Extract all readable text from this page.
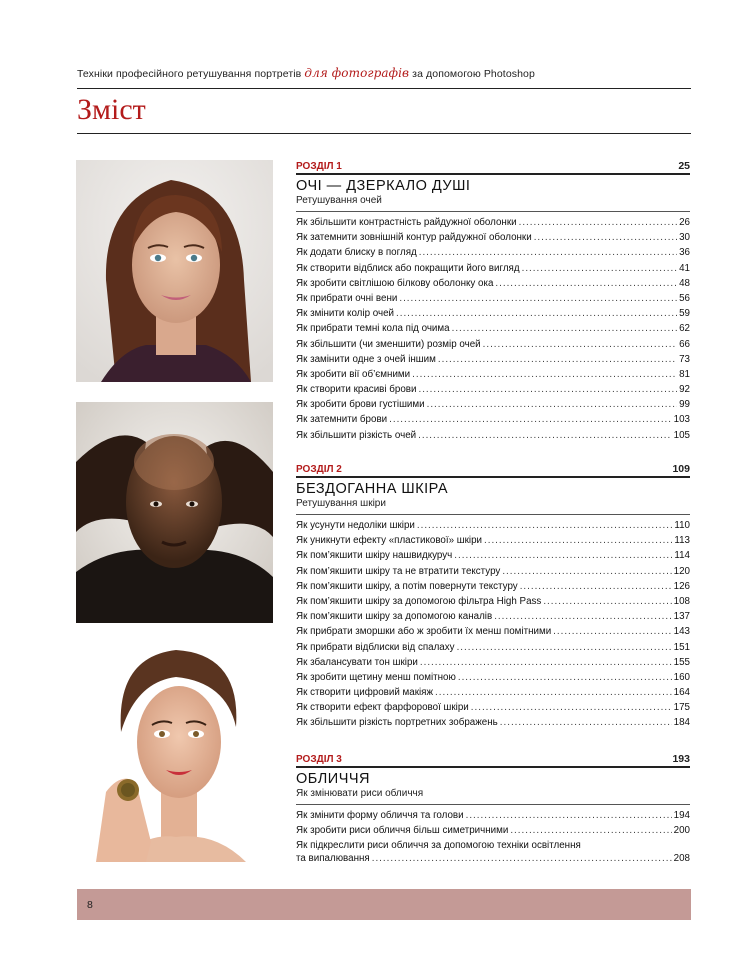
Техніки професійного ретушування портретів для фотографів за допомогою Photoshop
Зміст
РОЗДІЛ 1	25
ОЧІ — ДЗЕРКАЛО ДУШІ
Ретушування очей
Як збільшити контрастність райдужної оболонки .....	26
Як затемнити зовнішній контур райдужної оболонки .....	30
Як додати блиску в погляд .....	36
Як створити відблиск або покращити його вигляд .....	41
Як зробити світлішою білкову оболонку ока .....	48
Як прибрати очні вени .....	56
Як змінити колір очей .....	59
Як прибрати темні кола під очима .....	62
Як збільшити (чи зменшити) розмір очей .....	66
Як замінити одне з очей іншим .....	73
Як зробити вії об’ємними .....	81
Як створити красиві брови .....	92
Як зробити брови густішими .....	99
Як затемнити брови .....	103
Як збільшити різкість очей .....	105
РОЗДІЛ 2	109
БЕЗДОГАННА ШКІРА
Ретушування шкіри
Як усунути недоліки шкіри .....	110
Як уникнути ефекту «пластикової» шкіри .....	113
Як пом’якшити шкіру нашвидкуруч .....	114
Як пом’якшити шкіру та не втратити текстуру .....	120
Як пом’якшити шкіру, а потім повернути текстуру .....	126
Як пом’якшити шкіру за допомогою фільтра High Pass .....	108
Як пом’якшити шкіру за допомогою каналів .....	137
Як прибрати зморшки або ж зробити їх менш помітними .....	143
Як прибрати відблиски від спалаху .....	151
Як збалансувати тон шкіри .....	155
Як зробити щетину менш помітною .....	160
Як створити цифровий макіяж .....	164
Як створити ефект фарфорової шкіри .....	175
Як збільшити різкість портретних зображень .....	184
РОЗДІЛ 3	193
ОБЛИЧЧЯ
Як змінювати риси обличчя
Як змінити форму обличчя та голови .....	194
Як зробити риси обличчя більш симетричними .....	200
Як підкреслити риси обличчя за допомогою техніки освітлення
та випалювання .....	208
8
